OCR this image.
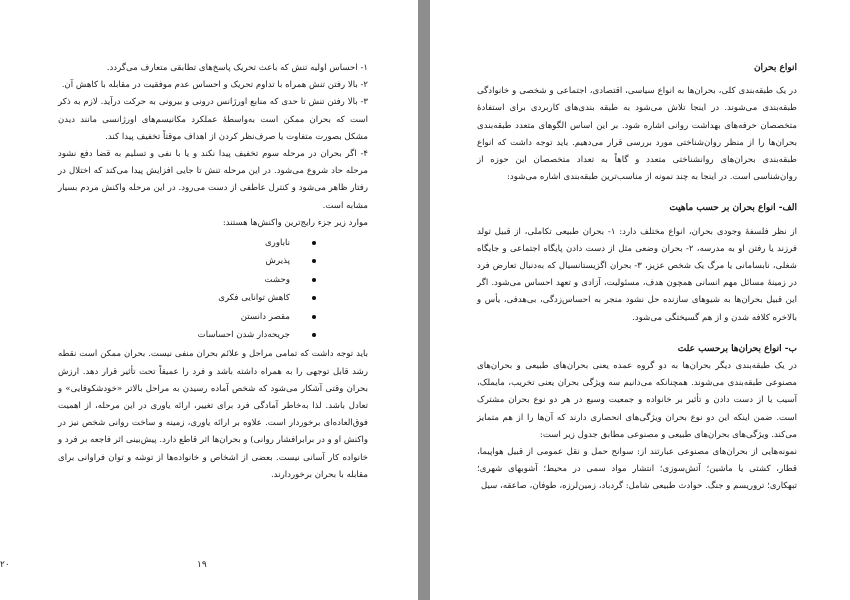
۱- احساس اولیه تنش که باعث تحریک پاسخ‌های تطابقی متعارف می‌گردد.

۲- بالا رفتن تنش همراه با تداوم تحریک و احساس عدم موفقیت در مقابله با کاهش آن.

۳- بالا رفتن تنش تا حدی که منابع اورژانس درونی و بیرونی به حرکت درآید. لازم به ذکر است که بحران ممکن است به‌واسطهٔ عملکرد مکانیسم‌های اورژانسی مانند دیدن مشکل بصورت متفاوت یا صرف‌نظر کردن از اهداف موقتاً تخفیف پیدا کند.

۴- اگر بحران در مرحله سوم تخفیف پیدا نکند و یا با نفی و تسلیم به قضا دفع نشود مرحله حاد شروع می‌شود. در این مرحله تنش تا جایی افزایش پیدا می‌کند که اختلال در رفتار ظاهر می‌شود و کنترل عاطفی از دست می‌رود. در این مرحله واکنش مردم بسیار مشابه است.

موارد زیر جزء رایج‌ترین واکنش‌ها هستند:

ناباوری
پذیرش
وحشت
کاهش توانایی فکری
مقصر دانستن
جریحه‌دار شدن احساسات

باید توجه داشت که تمامی مراحل و علائم بحران منفی نیست. بحران ممکن است نقطه رشد قابل توجهی را به همراه داشته باشد و فرد را عمیقاً تحت تأثیر قرار دهد. ارزش بحران وقتی آشکار می‌شود که شخص آماده رسیدن به مراحل بالاتر «خودشکوفایی» و تعادل باشد. لذا به‌خاطر آمادگی فرد برای تغییر، ارائه یاوری در این مرحله، از اهمیت فوق‌العاده‌ای برخوردار است. علاوه بر ارائه یاوری، زمینه و ساخت روانی شخص نیز در واکنش او و در برابرافشار روانی) و بحران‌ها اثر قاطع دارد. پیش‌بینی اثر فاجعه بر فرد و خانواده کار آسانی نیست. بعضی از اشخاص و خانواده‌ها از توشه و توان فراوانی برای مقابله با بحران برخوردارند.

۱۹

انواع بحران

در یک طبقه‌بندی کلی، بحران‌ها به انواع سیاسی، اقتصادی، اجتماعی و شخصی و خانوادگی طبقه‌بندی می‌شوند. در اینجا تلاش می‌شود به طبقه بندی‌های کاربردی برای استفادهٔ متخصصان حرفه‌های بهداشت روانی اشاره شود. بر این اساس الگوهای متعدد طبقه‌بندی بحران‌ها را از منظر روان‌شناختی مورد بررسی قرار می‌دهیم. باید توجه داشت که انواع طبقه‌بندی بحران‌های روانشناختی متعدد و گاهاً به تعداد متخصصان این حوزه از روان‌شناسی است. در اینجا به چند نمونه از مناسب‌ترین طبقه‌بندی اشاره می‌شود:

الف- انواع بحران بر حسب ماهیت

از نظر فلسفهٔ وجودی بحران، انواع مختلف دارد: ۱- بحران طبیعی تکاملی، از قبیل تولد فرزند یا رفتن او به مدرسه، ۲- بحران وضعی مثل از دست دادن پایگاه اجتماعی و جایگاه شغلی، نابسامانی یا مرگ یک شخص عزیز، ۳- بحران اگزیستانسیال که به‌دنبال تعارض فرد در زمینهٔ مسائل مهم انسانی همچون هدف، مسئولیت، آزادی و تعهد احساس می‌شود. اگر این قبیل بحران‌ها به شیوهای سازنده حل نشود منجر به احساس‌زدگی، بی‌هدفی، یأس و بالاخره کلافه شدن و از هم گسیختگی می‌شود.

ب- انواع بحران‌ها برحسب علت

در یک طبقه‌بندی دیگر بحران‌ها به دو گروه عمده یعنی بحران‌های طبیعی و بحران‌های مصنوعی طبقه‌بندی می‌شوند. همچنانکه می‌دانیم سه ویژگی بحران یعنی تخریب، مایملک، آسیب یا از دست دادن و تأثیر بر خانواده و جمعیت وسیع در هر دو نوع بحران مشترک است. ضمن اینکه این دو نوع بحران ویژگی‌های انحصاری دارند که آن‌ها را از هم متمایز می‌کند. ویژگی‌های بحران‌های طبیعی و مصنوعی مطابق جدول زیر است:

نمونه‌هایی از بحران‌های مصنوعی عبارتند از: سوانح حمل و نقل عمومی از قبیل هواپیما، قطار، کشتی یا ماشین؛ آتش‌سوزی؛ انتشار مواد سمی در محیط؛ آشوبهای شهری؛ تبهکاری؛ تروریسم و جنگ. حوادث طبیعی شامل: گردباد، زمین‌لرزه، طوفان، صاعقه، سیل

۲۰
